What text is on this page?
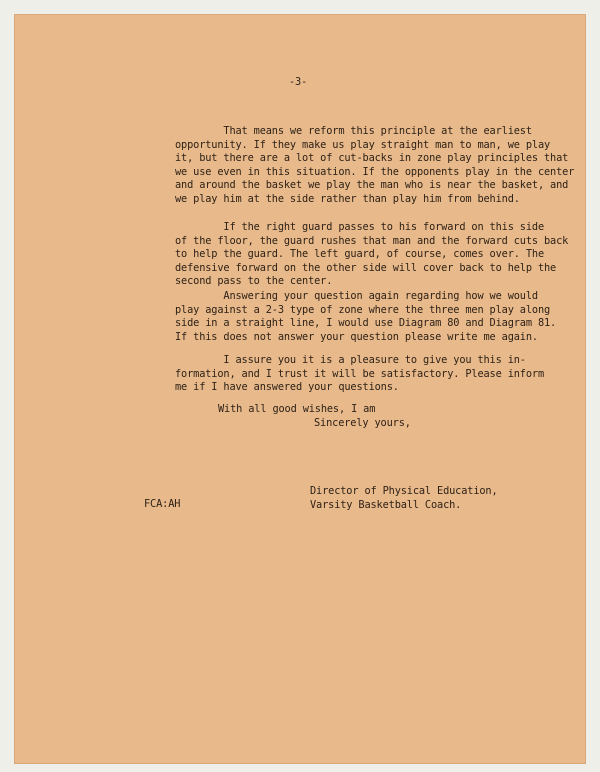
-3-
That means we reform this principle at the earliest
opportunity. If they make us play straight man to man, we play
it, but there are a lot of cut-backs in zone play principles that
we use even in this situation. If the opponents play in the center
and around the basket we play the man who is near the basket, and
we play him at the side rather than play him from behind.
If the right guard passes to his forward on this side
of the floor, the guard rushes that man and the forward cuts back
to help the guard. The left guard, of course, comes over. The
defensive forward on the other side will cover back to help the
second pass to the center.
Answering your question again regarding how we would
play against a 2-3 type of zone where the three men play along
side in a straight line, I would use Diagram 80 and Diagram 81.
If this does not answer your question please write me again.
I assure you it is a pleasure to give you this in-
formation, and I trust it will be satisfactory. Please inform
me if I have answered your questions.
With all good wishes, I am
Sincerely yours,
Director of Physical Education,
Varsity Basketball Coach.
FCA:AH
